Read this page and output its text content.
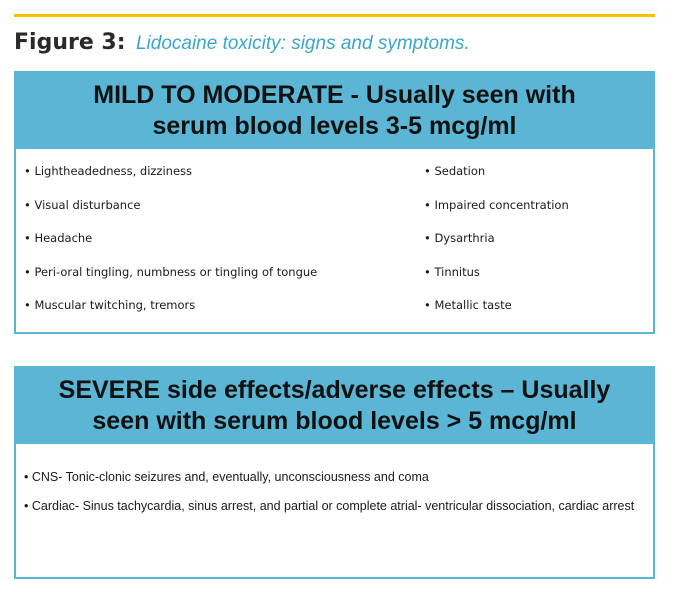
Figure 3: Lidocaine toxicity: signs and symptoms.
MILD TO MODERATE - Usually seen with
serum blood levels 3-5 mcg/ml
• Lightheadedness, dizziness
• Visual disturbance
• Headache
• Peri-oral tingling, numbness or tingling of tongue
• Muscular twitching, tremors
• Sedation
• Impaired concentration
• Dysarthria
• Tinnitus
• Metallic taste
SEVERE side effects/adverse effects – Usually
seen with serum blood levels > 5 mcg/ml
• CNS- Tonic-clonic seizures and, eventually, unconsciousness and coma
• Cardiac- Sinus tachycardia, sinus arrest, and partial or complete atrial- ventricular dissociation, cardiac arrest
